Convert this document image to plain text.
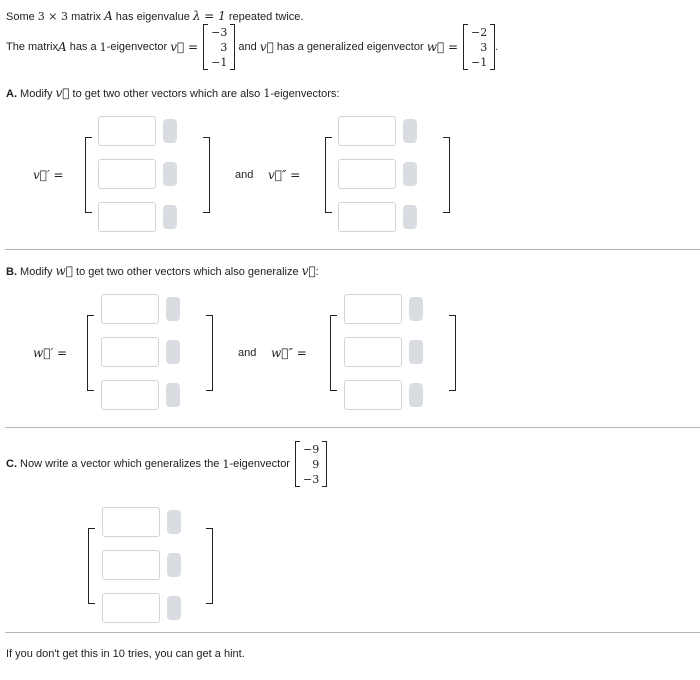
Some 3 × 3 matrix A has eigenvalue λ = 1 repeated twice.
The matrix A has a 1 -eigenvector v⃗ =
−3
3
−1
and v⃗ has a generalized eigenvector w⃗ =
−2
3
−1
.
A. Modify v⃗ to get two other vectors which are also 1-eigenvectors:
v⃗′ =	and v⃗″ =
B. Modify w⃗ to get two other vectors which also generalize v⃗:
w⃗′ =	and w⃗″ =
C. Now write a vector which generalizes the 1 -eigenvector
−9
9
−3
If you don't get this in 10 tries, you can get a hint.
